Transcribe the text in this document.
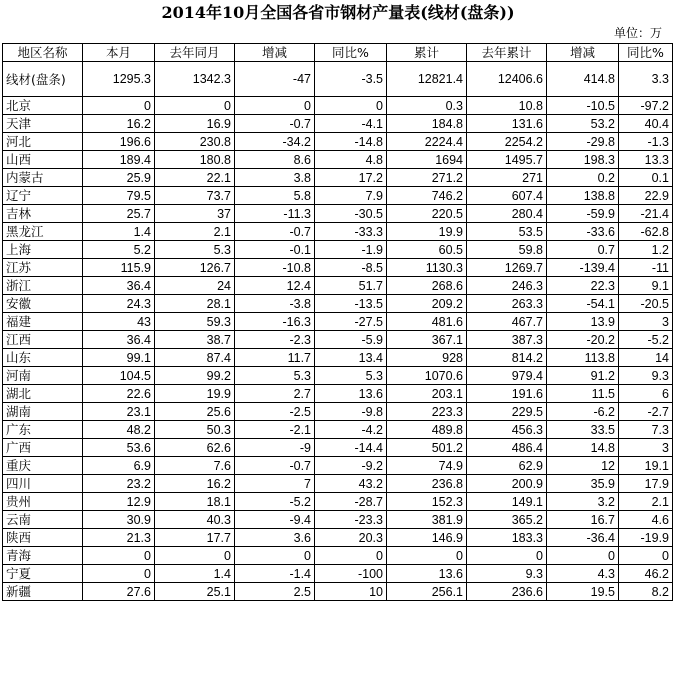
2014年10月全国各省市钢材产量表(线材(盘条))
单位：万
地区名称	本月	去年同月	增减	同比%	累计	去年累计	增减	同比%
线材(盘条)	1295.3	1342.3	-47	-3.5	12821.4	12406.6	414.8	3.3
北京	0	0	0	0	0.3	10.8	-10.5	-97.2
天津	16.2	16.9	-0.7	-4.1	184.8	131.6	53.2	40.4
河北	196.6	230.8	-34.2	-14.8	2224.4	2254.2	-29.8	-1.3
山西	189.4	180.8	8.6	4.8	1694	1495.7	198.3	13.3
内蒙古	25.9	22.1	3.8	17.2	271.2	271	0.2	0.1
辽宁	79.5	73.7	5.8	7.9	746.2	607.4	138.8	22.9
吉林	25.7	37	-11.3	-30.5	220.5	280.4	-59.9	-21.4
黑龙江	1.4	2.1	-0.7	-33.3	19.9	53.5	-33.6	-62.8
上海	5.2	5.3	-0.1	-1.9	60.5	59.8	0.7	1.2
江苏	115.9	126.7	-10.8	-8.5	1130.3	1269.7	-139.4	-11
浙江	36.4	24	12.4	51.7	268.6	246.3	22.3	9.1
安徽	24.3	28.1	-3.8	-13.5	209.2	263.3	-54.1	-20.5
福建	43	59.3	-16.3	-27.5	481.6	467.7	13.9	3
江西	36.4	38.7	-2.3	-5.9	367.1	387.3	-20.2	-5.2
山东	99.1	87.4	11.7	13.4	928	814.2	113.8	14
河南	104.5	99.2	5.3	5.3	1070.6	979.4	91.2	9.3
湖北	22.6	19.9	2.7	13.6	203.1	191.6	11.5	6
湖南	23.1	25.6	-2.5	-9.8	223.3	229.5	-6.2	-2.7
广东	48.2	50.3	-2.1	-4.2	489.8	456.3	33.5	7.3
广西	53.6	62.6	-9	-14.4	501.2	486.4	14.8	3
重庆	6.9	7.6	-0.7	-9.2	74.9	62.9	12	19.1
四川	23.2	16.2	7	43.2	236.8	200.9	35.9	17.9
贵州	12.9	18.1	-5.2	-28.7	152.3	149.1	3.2	2.1
云南	30.9	40.3	-9.4	-23.3	381.9	365.2	16.7	4.6
陕西	21.3	17.7	3.6	20.3	146.9	183.3	-36.4	-19.9
青海	0	0	0	0	0	0	0	0
宁夏	0	1.4	-1.4	-100	13.6	9.3	4.3	46.2
新疆	27.6	25.1	2.5	10	256.1	236.6	19.5	8.2
